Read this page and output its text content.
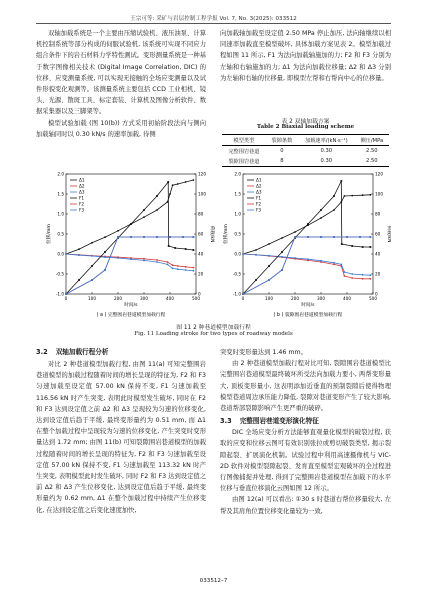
王宗可等: 采矿与岩层控制工程学报 Vol. 7, No. 3(2025): 033512

双轴加载系统是一个主要由压缩试验机、液压油泵、计算机控制系统等部分构成的伺服试验机, 该系统可实现不同应力组合条件下的岩石材料力学特性测试。变形测量系统是一种基于数字图像相关技术 (Digital Image Correlation, DIC) 的位移、应变测量系统, 可以实现无接触的全场应变测量以及试件形貌变化观测等。该测量系统主要包括 CCD 工业相机、镜头、光源、散斑工具、标定套装、计算机及图像分析软件、数据采集器以及三脚架等。

模型试验加载 (图 10(b)) 方式采用初始阶段法向与侧向加载轴同时以 0.30 kN/s 的速率加载, 待侧

向加载轴加载至设定值 2.50 MPa 停止加压, 法向轴继续以相同速率加载直至模型破坏, 具体加载方案见表 2。模型加载过程如图 11 所示, F1 为法向加载轴施加的力; F2 和 F3 分别为左轴和右轴施加的力; Δ1 为法向加载位移量; Δ2 和 Δ3 分别为左轴和右轴的位移量, 即模型左帮和右帮向中心的位移量。

表 2 双轴加载方案
Table 2 Biaxial loading scheme
模型类型	裂隙条数	加载速率/(kN·s⁻¹)	侧压/MPa
完整围岩巷道	0	0.30	2.50
裂隙围岩巷道	8	0.30	2.50
0	100	200	300	400	500
-1.0
-0.5
0.0
0.5
1.0
1.5
2.0
0
20
40
60
80
100
120
时间/s
位移/mm	荷载/kN
Δ1
Δ2
Δ3
F1
F2
F3
( a ) 完整围岩巷道模型加载行程
0	100	200	300	400	500
-1.0
-0.5
0.0
0.5
1.0
1.5
2.0
0
20
40
60
80
100
120
时间/s
位移/mm	荷载/kN
Δ1
Δ2
Δ3
F1
F2
F3
( b ) 裂隙围岩巷道模型加载行程
图 11 2 种巷道模型加载行程
Fig. 11 Loading stroke for two types of roadway models
3.2 双轴加载行程分析

对比 2 种巷道模型加载行程, 由图 11(a) 可知完整围岩巷道模型的加载过程随着时间的增长呈现的特征为, F2 和 F3 匀速加载至设定值 57.00 kN 保持不变, F1 匀速加载至 116.56 kN 时产生突变, 表明此时模型发生破坏, 同时在 F2 和 F3 达到设定值之前 Δ2 和 Δ3 呈现较为匀速的位移变化, 达到设定值后趋于平缓, 最终变形量约为 0.51 mm, 而 Δ1 在整个加载过程中呈现较为匀速的位移变化, 产生突变时变形量达到 1.72 mm; 由图 11(b) 可知裂隙围岩巷道模型的加载过程随着时间的增长呈现的特征为, F2 和 F3 匀速加载至设定值 57.00 kN 保持不变, F1 匀速加载至 113.32 kN 时产生突变, 表明模型此时发生破坏, 同时 F2 和 F3 达到设定值之前 Δ2 和 Δ3 产生位移变化, 达到设定值后趋于平缓, 最终变形量约为 0.62 mm, Δ1 在整个加载过程中持续产生位移变化, 在达到设定值之后变化速度加快,

突变时变形量达到 1.46 mm。

由 2 种巷道模型加载行程对比可知, 裂隙围岩巷道模型比完整围岩巷道模型最终破坏所受法向加载力要小, 两帮变形量大, 顶板变形量小, 这表明添加近垂直的预制裂隙后使得物理模型巷道周边承压能力降低, 裂隙对巷道变形产生了较大影响, 巷道帮部裂隙影响产生更严重的破碎。

3.3 完整围岩巷道变形演化特征

DIC 全场应变分析方法能够直观量化模型的破裂过程, 获取的应变和位移云图可有效识别张拉或剪切破裂类型, 揭示裂隙起裂、扩展演化机制。试验过程中利用高速摄像机与 VIC-2D 软件对模型裂隙起裂、发育直至模型宏观破坏的全过程进行图像捕捉并处理, 得到了完整围岩巷道模型在加载下的水平位移与垂直位移演化云图如图 12 所示。

由图 12(a) 可以看出: ①30 s 时巷道右帮位移量较大, 左帮及其肩角位置位移变化量较为一致,

033512–7
